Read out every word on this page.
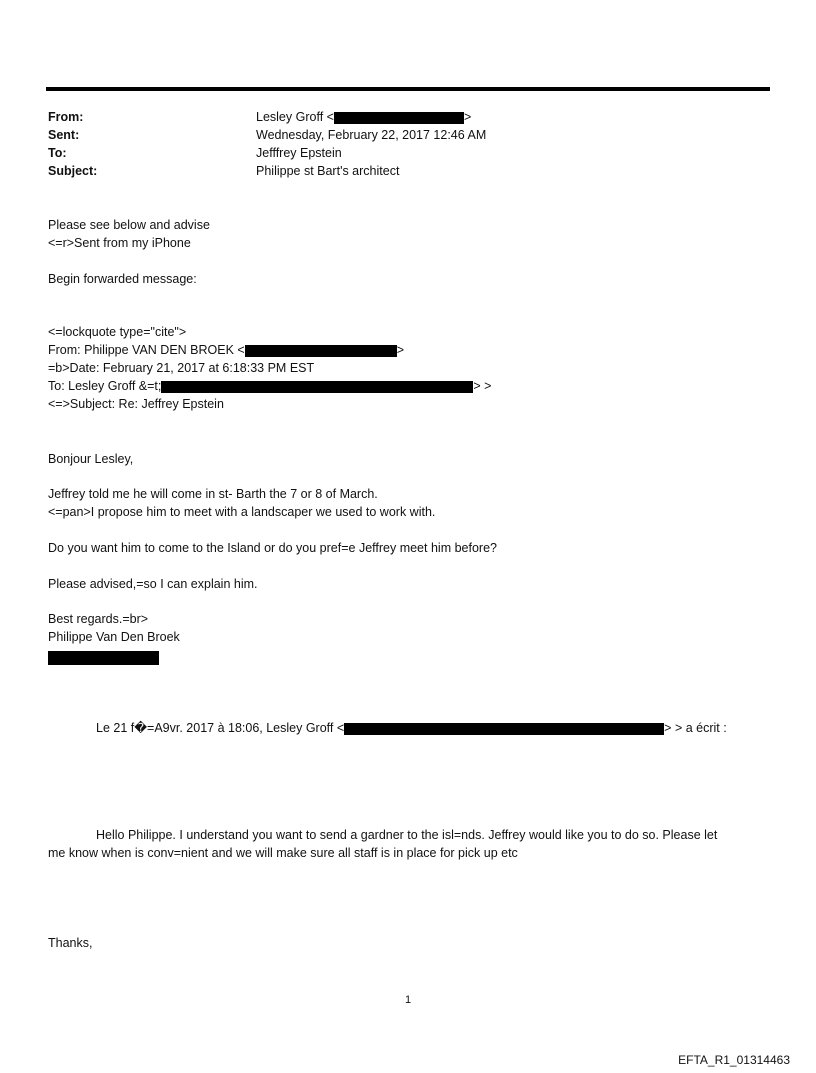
From:	Lesley Groff <	>
Sent:	Wednesday, February 22, 2017 12:46 AM
To:	Jefffrey Epstein
Subject:	Philippe st Bart's architect
Please see below and advise
<=r>Sent from my iPhone
Begin forwarded message:
<=lockquote type="cite">
From: Philippe VAN DEN BROEK <	>
=b>Date: February 21, 2017 at 6:18:33 PM EST
To: Lesley Groff &=t;	> >
<=>Subject: Re: Jeffrey Epstein
Bonjour Lesley,
Jeffrey told me he will come in st- Barth the 7 or 8 of March.
<=pan>I propose him to meet with a landscaper we used to work with.
Do you want him to come to the Island or do you pref=e Jeffrey meet him before?
Please advised,=so I can explain him.
Best regards.=br>
Philippe Van Den Broek
Le 21 f�=A9vr. 2017 à 18:06, Lesley Groff <	> > a écrit :
Hello Philippe. I understand you want to send a gardner to the isl=nds. Jeffrey would like you to do so. Please let
me know when is conv=nient and we will make sure all staff is in place for pick up etc
Thanks,
1
EFTA_R1_01314463
